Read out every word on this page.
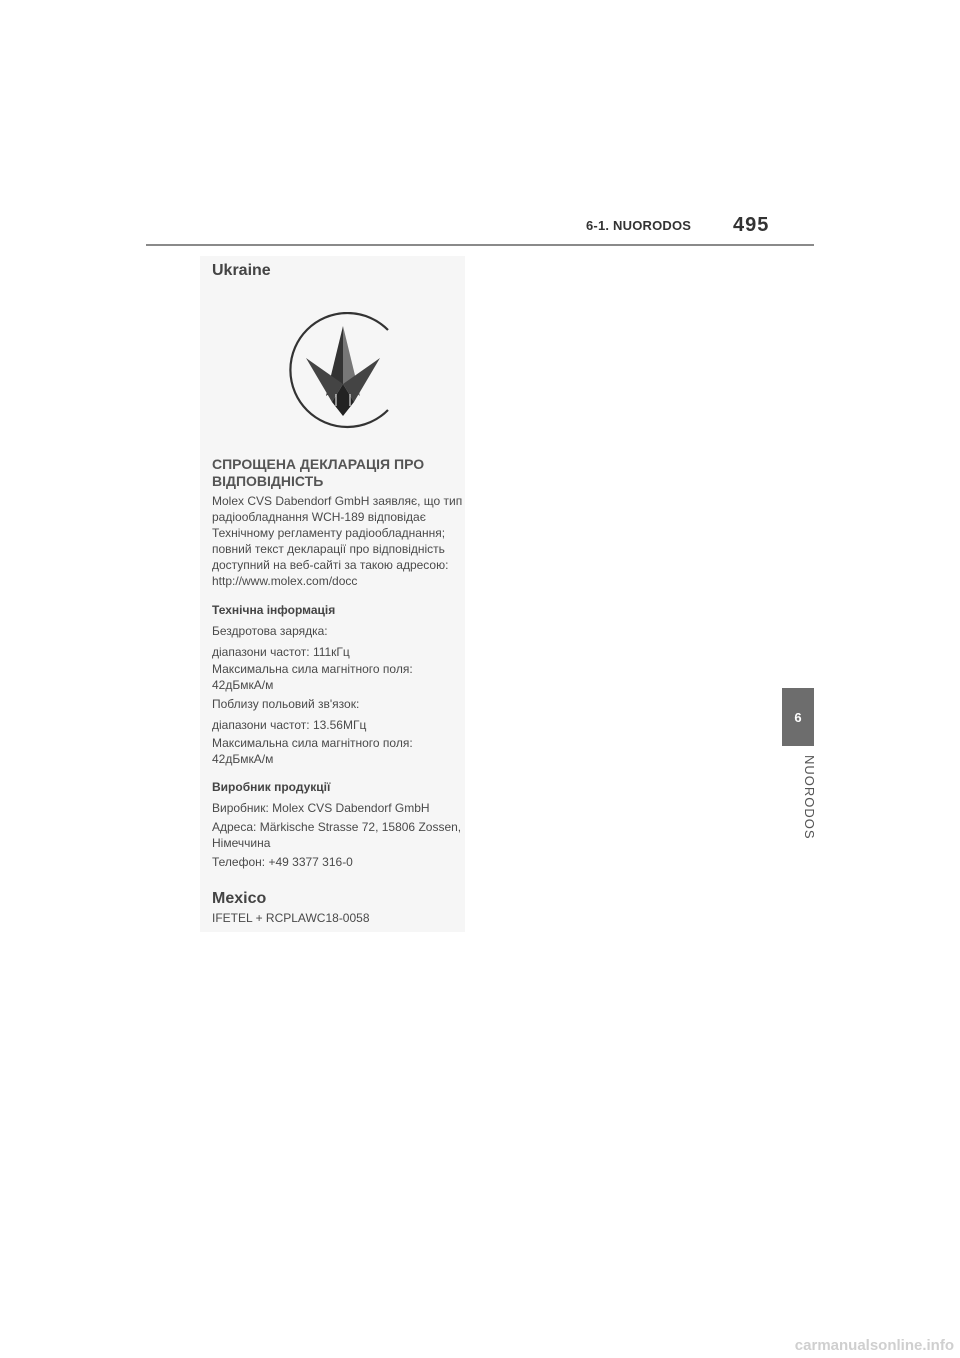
6-1. NUORODOS 495
Ukraine
СПРОЩЕНА ДЕКЛАРАЦІЯ ПРО
ВІДПОВІДНІСТЬ
Molex CVS Dabendorf GmbH заявляє, що тип
радіообладнання WCH-189 відповідає
Технічному регламенту радіообладнання;
повний текст декларації про відповідність
доступний на веб-сайті за такою адресою:
http://www.molex.com/docc
Технічна інформація
Бездротова зарядка:
діапазони частот: 111кГц
Максимальна сила магнітного поля:
42дБмкА/м
Поблизу польовий зв'язок:
діапазони частот: 13.56МГц
Максимальна сила магнітного поля:
42дБмкА/м
Виробник продукції
Виробник: Molex CVS Dabendorf GmbH
Адреса: Märkische Strasse 72, 15806 Zossen,
Німеччина
Телефон: +49 3377 316-0
Mexico
IFETEL + RCPLAWC18-0058
6
NUORODOS
carmanualsonline.info
